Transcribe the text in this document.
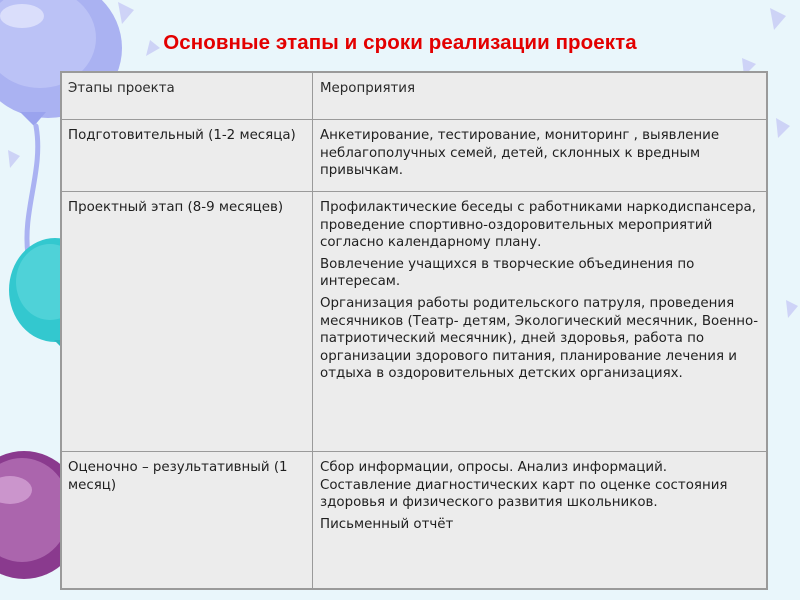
Основные этапы и сроки реализации проекта
Этапы проекта	Мероприятия
Подготовительный (1-2 месяца)	Анкетирование, тестирование, мониторинг , выявление неблагополучных семей, детей, склонных к вредным привычкам.

Проектный этап (8-9 месяцев)	Профилактические беседы с работниками наркодиспансера, проведение спортивно-оздоровительных мероприятий согласно календарному плану.
Вовлечение учащихся в творческие объединения по интересам.
Организация работы родительского патруля, проведения месячников (Театр- детям, Экологический месячник, Военно-патриотический месячник), дней здоровья, работа по организации здорового питания, планирование лечения и отдыха в оздоровительных детских организациях.

Оценочно – результативный (1 месяц)	Сбор информации, опросы. Анализ информаций. Составление диагностических карт по оценке состояния здоровья и физического развития школьников.
Письменный отчёт
